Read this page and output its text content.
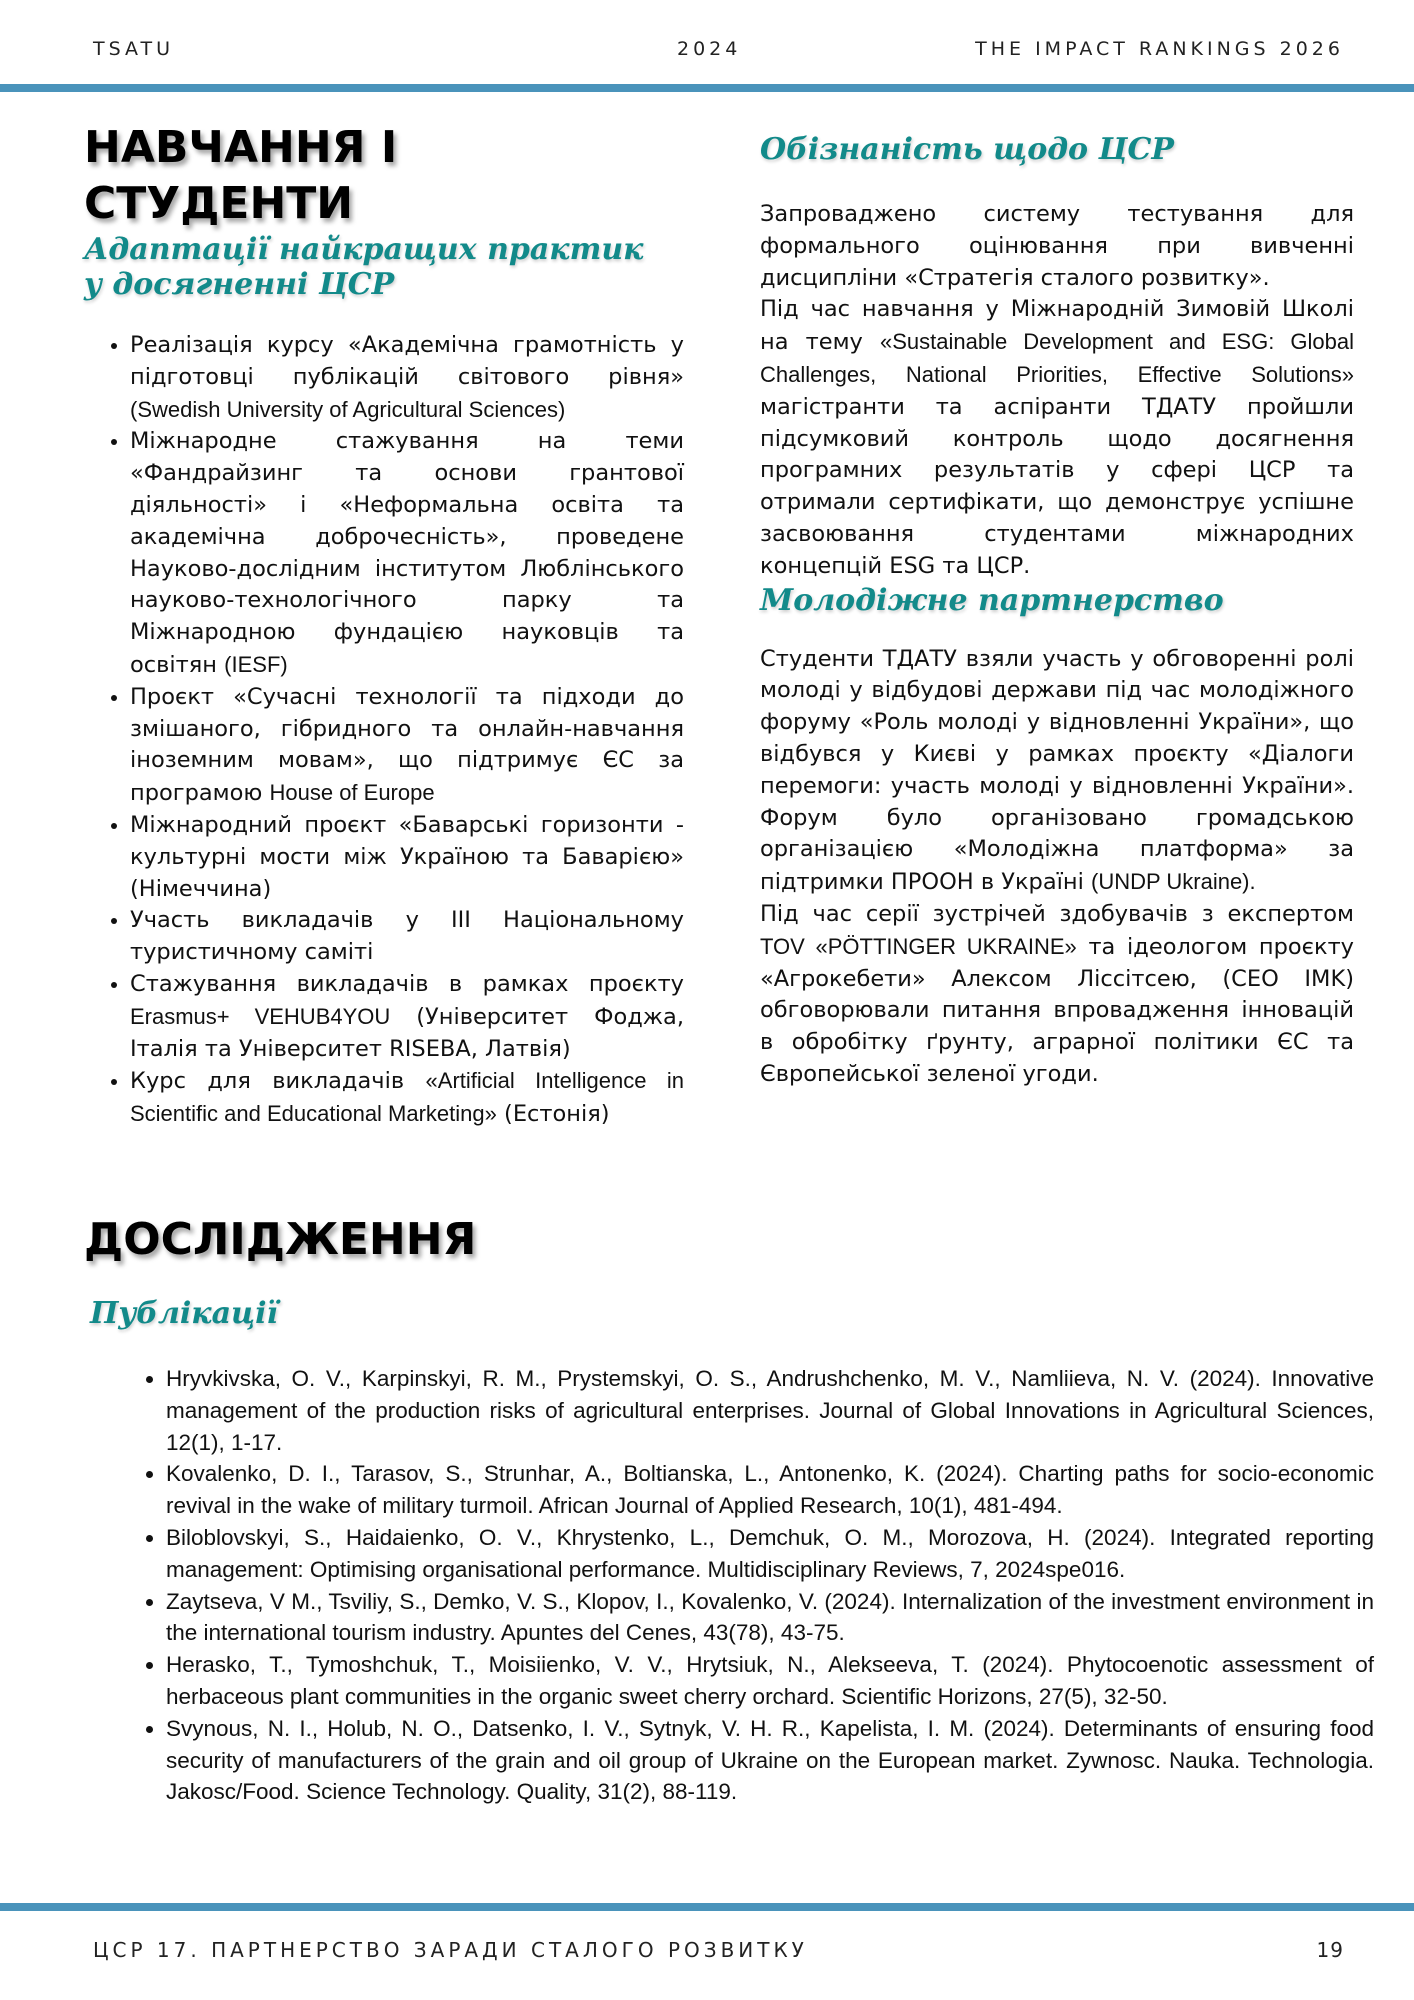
TSATU	2024	THE IMPACT RANKINGS 2026
НАВЧАННЯ І
СТУДЕНТИ
Адаптації найкращих практик
у досягненні ЦСР
• Реалізація курсу «Академічна грамотність у підготовці публікацій світового рівня» (Swedish University of Agricultural Sciences)
• Міжнародне стажування на теми «Фандрайзинг та основи грантової діяльності» і «Неформальна освіта та академічна доброчесність», проведене Науково-дослідним інститутом Люблінського науково-технологічного парку та Міжнародною фундацією науковців та освітян (IESF)
• Проєкт «Сучасні технології та підходи до змішаного, гібридного та онлайн-навчання іноземним мовам», що підтримує ЄС за програмою House of Europe
• Міжнародний проєкт «Баварські горизонти - культурні мости між Україною та Баварією» (Німеччина)
• Участь викладачів у III Національному туристичному саміті
• Стажування викладачів в рамках проєкту Erasmus+ VEHUB4YOU (Університет Фоджа, Італія та Університет RISEBA, Латвія)
• Курс для викладачів «Artificial Intelligence in Scientific and Educational Marketing» (Естонія)
Обізнаність щодо ЦСР

Запроваджено систему тестування для формального оцінювання при вивченні дисципліни «Стратегія сталого розвитку».

Під час навчання у Міжнародній Зимовій Школі на тему «Sustainable Development and ESG: Global Challenges, National Priorities, Effective Solutions» магістранти та аспіранти ТДАТУ пройшли підсумковий контроль щодо досягнення програмних результатів у сфері ЦСР та отримали сертифікати, що демонструє успішне засвоювання студентами міжнародних концепцій ESG та ЦСР.

Молодіжне партнерство

Студенти ТДАТУ взяли участь у обговоренні ролі молоді у відбудові держави під час молодіжного форуму «Роль молоді у відновленні України», що відбувся у Києві у рамках проєкту «Діалоги перемоги: участь молоді у відновленні України». Форум було організовано громадською організацією «Молодіжна платформа» за підтримки ПРООН в Україні (UNDP Ukraine).

Під час серії зустрічей здобувачів з експертом TOV «PÖTTINGER UKRAINE» та ідеологом проєкту «Агрокебети» Алексом Ліссітсею, (CEO IMK) обговорювали питання впровадження інновацій в обробітку ґрунту, аграрної політики ЄС та Європейської зеленої угоди.

ДОСЛІДЖЕННЯ
Публікації
• Hryvkivska, O. V., Karpinskyi, R. M., Prystemskyi, O. S., Andrushchenko, M. V., Namliieva, N. V. (2024). Innovative management of the production risks of agricultural enterprises. Journal of Global Innovations in Agricultural Sciences, 12(1), 1-17.
• Kovalenko, D. I., Tarasov, S., Strunhar, A., Boltianska, L., Antonenko, K. (2024). Charting paths for socio-economic revival in the wake of military turmoil. African Journal of Applied Research, 10(1), 481-494.
• Biloblovskyi, S., Haidaienko, O. V., Khrystenko, L., Demchuk, O. M., Morozova, H. (2024). Integrated reporting management: Optimising organisational performance. Multidisciplinary Reviews, 7, 2024spe016.
• Zaytseva, V M., Tsviliy, S., Demko, V. S., Klopov, I., Kovalenko, V. (2024). Internalization of the investment environment in the international tourism industry. Apuntes del Cenes, 43(78), 43-75.
• Herasko, T., Tymoshchuk, T., Moisiienko, V. V., Hrytsiuk, N., Alekseeva, T. (2024). Phytocoenotic assessment of herbaceous plant communities in the organic sweet cherry orchard. Scientific Horizons, 27(5), 32-50.
• Svynous, N. I., Holub, N. O., Datsenko, I. V., Sytnyk, V. H. R., Kapelista, I. M. (2024). Determinants of ensuring food security of manufacturers of the grain and oil group of Ukraine on the European market. Zywnosc. Nauka. Technologia. Jakosc/Food. Science Technology. Quality, 31(2), 88-119.
ЦСР 17. ПАРТНЕРСТВО ЗАРАДИ СТАЛОГО РОЗВИТКУ	19
